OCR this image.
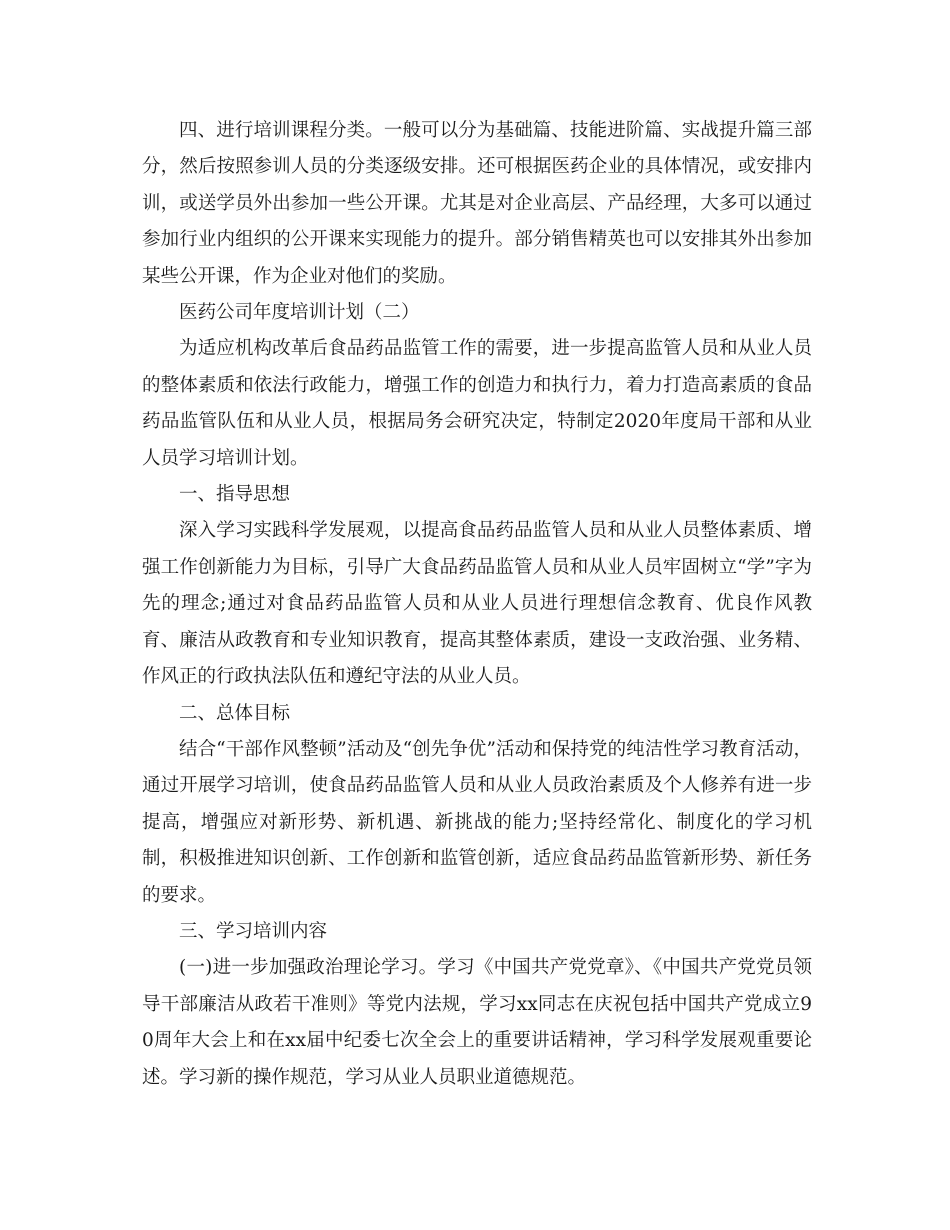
四、进行培训课程分类。一般可以分为基础篇、技能进阶篇、实战提升篇三部分，然后按照参训人员的分类逐级安排。还可根据医药企业的具体情况，或安排内训，或送学员外出参加一些公开课。尤其是对企业高层、产品经理，大多可以通过参加行业内组织的公开课来实现能力的提升。部分销售精英也可以安排其外出参加某些公开课，作为企业对他们的奖励。

医药公司年度培训计划（二）

为适应机构改革后食品药品监管工作的需要，进一步提高监管人员和从业人员的整体素质和依法行政能力，增强工作的创造力和执行力，着力打造高素质的食品药品监管队伍和从业人员，根据局务会研究决定，特制定2020年度局干部和从业人员学习培训计划。

一、指导思想

深入学习实践科学发展观，以提高食品药品监管人员和从业人员整体素质、增强工作创新能力为目标，引导广大食品药品监管人员和从业人员牢固树立“学”字为先的理念;通过对食品药品监管人员和从业人员进行理想信念教育、优良作风教育、廉洁从政教育和专业知识教育，提高其整体素质，建设一支政治强、业务精、作风正的行政执法队伍和遵纪守法的从业人员。

二、总体目标

结合“干部作风整顿”活动及“创先争优”活动和保持党的纯洁性学习教育活动，通过开展学习培训，使食品药品监管人员和从业人员政治素质及个人修养有进一步提高，增强应对新形势、新机遇、新挑战的能力;坚持经常化、制度化的学习机制，积极推进知识创新、工作创新和监管创新，适应食品药品监管新形势、新任务的要求。

三、学习培训内容

(一)进一步加强政治理论学习。学习《中国共产党党章》、《中国共产党党员领导干部廉洁从政若干准则》等党内法规，学习xx同志在庆祝包括中国共产党成立90周年大会上和在xx届中纪委七次全会上的重要讲话精神，学习科学发展观重要论述。学习新的操作规范，学习从业人员职业道德规范。
